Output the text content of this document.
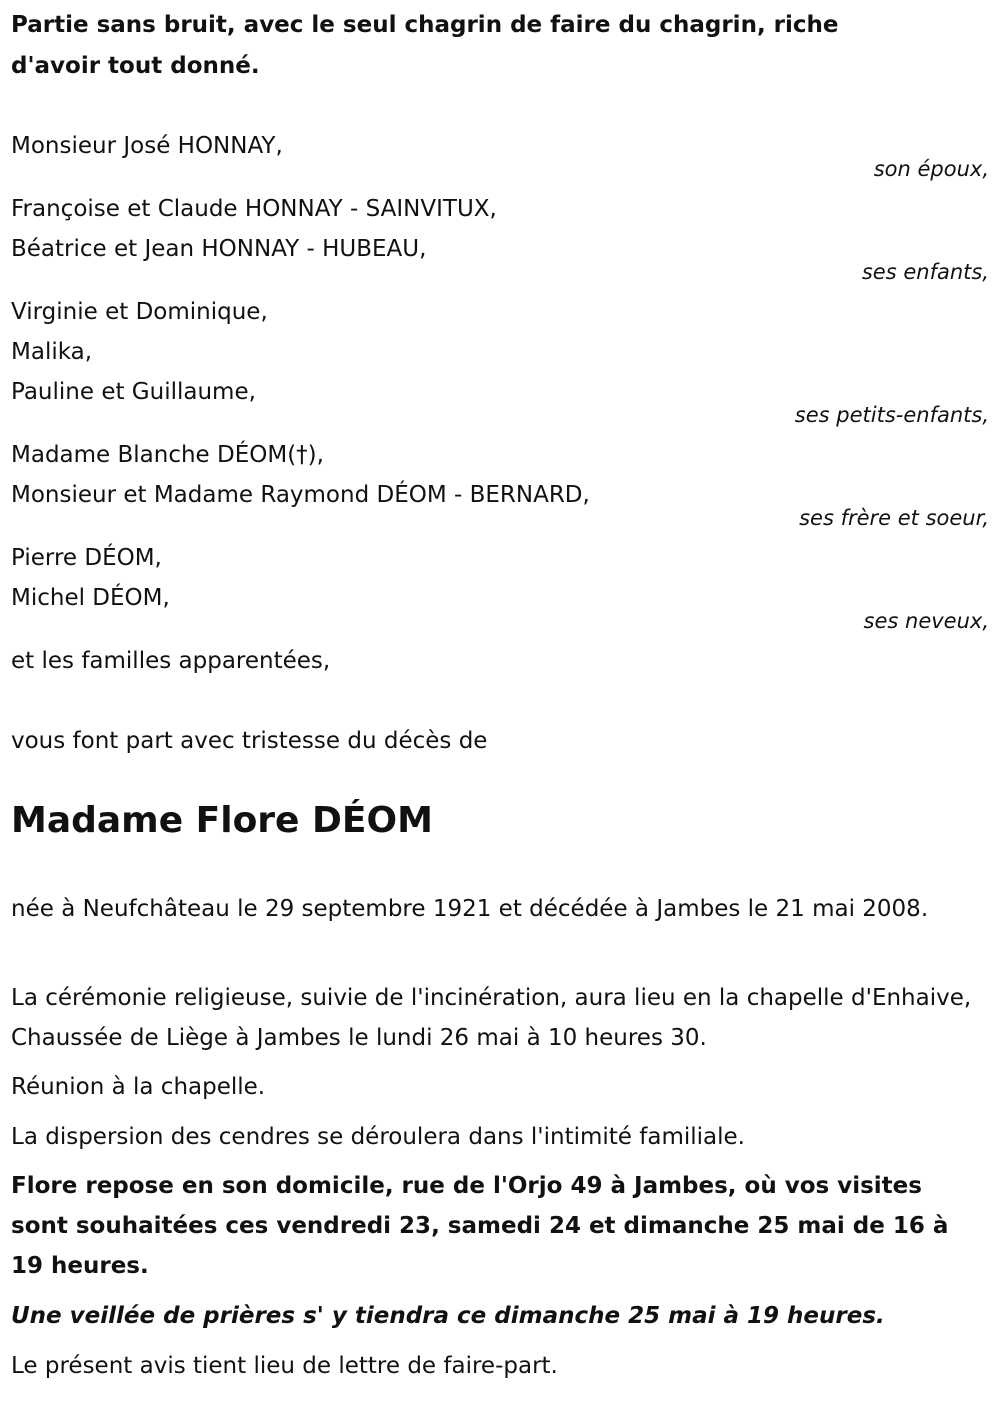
Partie sans bruit, avec le seul chagrin de faire du chagrin, riche

d'avoir tout donné.

Monsieur José HONNAY,

son époux,

Françoise et Claude HONNAY - SAINVITUX,

Béatrice et Jean HONNAY - HUBEAU,

ses enfants,

Virginie et Dominique,

Malika,

Pauline et Guillaume,

ses petits-enfants,

Madame Blanche DÉOM(†),

Monsieur et Madame Raymond DÉOM - BERNARD,

ses frère et soeur,

Pierre DÉOM,

Michel DÉOM,

ses neveux,

et les familles apparentées,

vous font part avec tristesse du décès de

Madame Flore DÉOM

née à Neufchâteau le 29 septembre 1921 et décédée à Jambes le 21 mai 2008.

La cérémonie religieuse, suivie de l'incinération, aura lieu en la chapelle d'Enhaive, Chaussée de Liège à Jambes le lundi 26 mai à 10 heures 30.

Réunion à la chapelle.

La dispersion des cendres se déroulera dans l'intimité familiale.

Flore repose en son domicile, rue de l'Orjo 49 à Jambes, où vos visites sont souhaitées ces vendredi 23, samedi 24 et dimanche 25 mai de 16 à 19 heures.

Une veillée de prières s' y tiendra ce dimanche 25 mai à 19 heures.

Le présent avis tient lieu de lettre de faire-part.
